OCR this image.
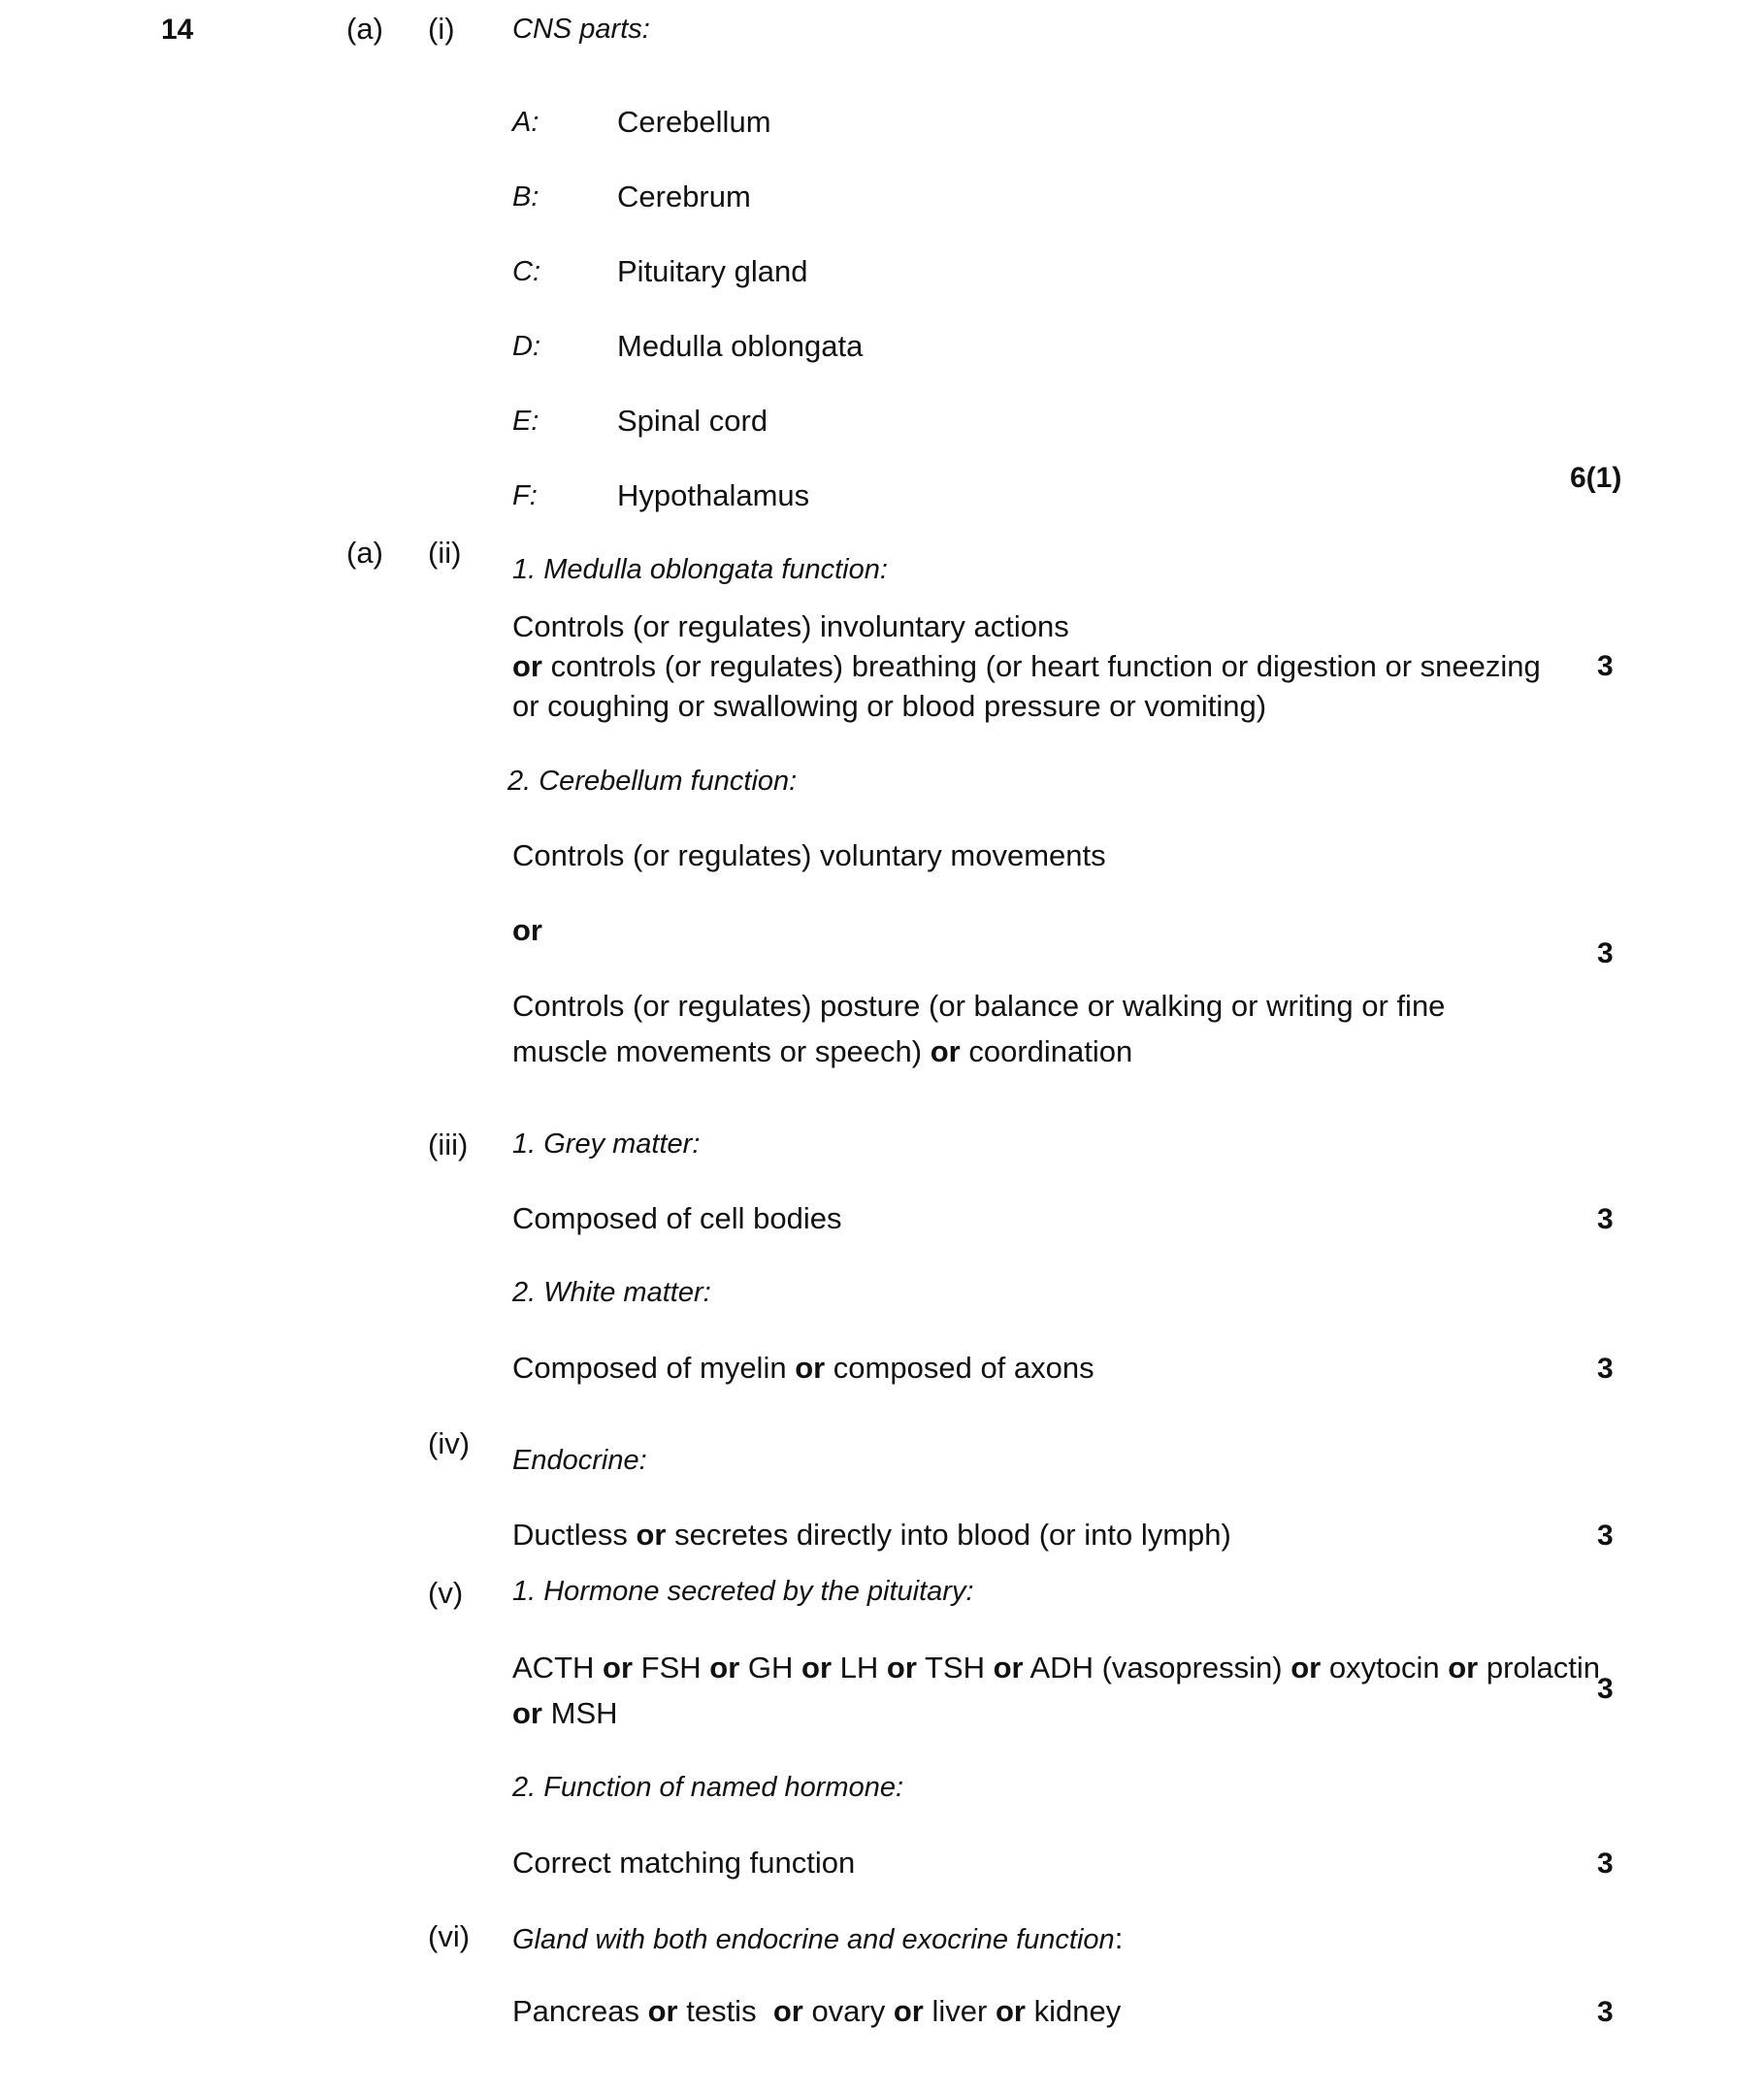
14	(a) (i) CNS parts:
A:	Cerebellum
B:	Cerebrum
C:	Pituitary gland
D:	Medulla oblongata
E:	Spinal cord
F:	Hypothalamus
6(1)
(a) (ii) 1. Medulla oblongata function:
Controls (or regulates) involuntary actions
or controls (or regulates) breathing (or heart function or digestion or sneezing
or coughing or swallowing or blood pressure or vomiting)
3
2. Cerebellum function:
Controls (or regulates) voluntary movements
or
3
Controls (or regulates) posture (or balance or walking or writing or fine
muscle movements or speech) or coordination
(iii) 1. Grey matter:
Composed of cell bodies	3
2. White matter:
Composed of myelin or composed of axons	3
(iv) Endocrine:
Ductless or secretes directly into blood (or into lymph)	3
(v) 1. Hormone secreted by the pituitary:
ACTH or FSH or GH or LH or TSH or ADH (vasopressin) or oxytocin or prolactin
or MSH
3
2. Function of named hormone:
Correct matching function	3
(vi) Gland with both endocrine and exocrine function:
Pancreas or testis  or ovary or liver or kidney	3
